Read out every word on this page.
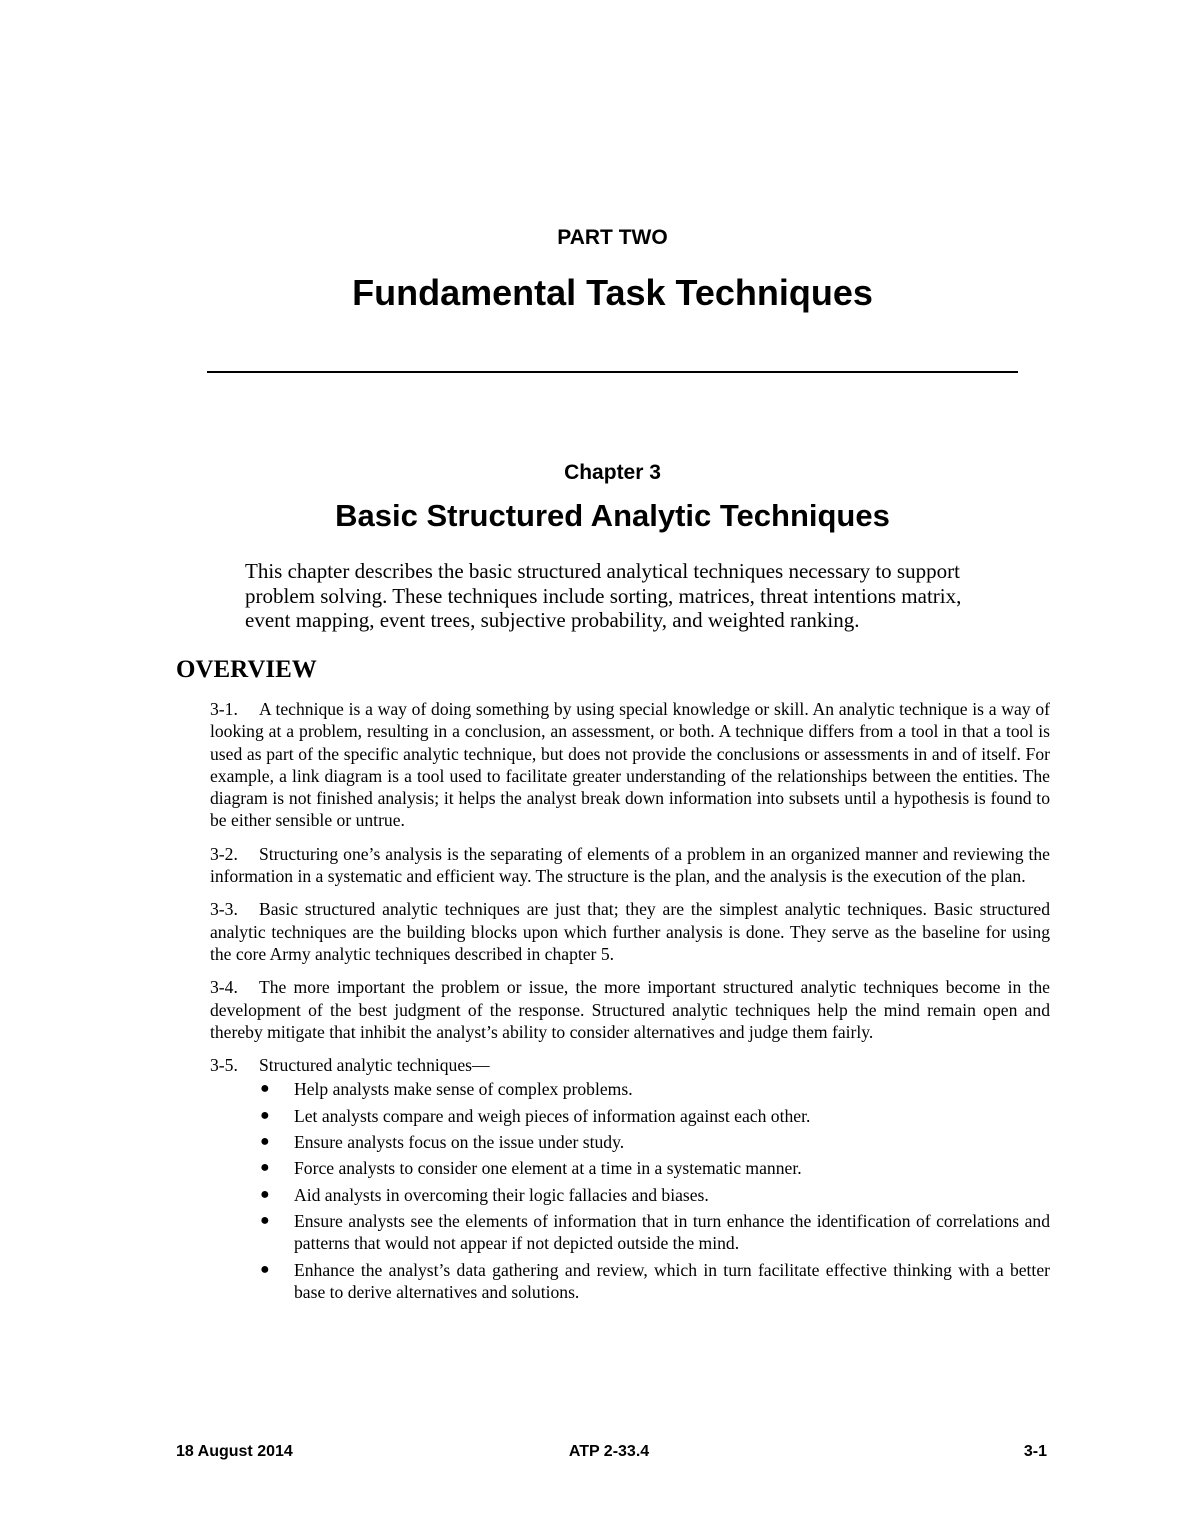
PART TWO
Fundamental Task Techniques
Chapter 3
Basic Structured Analytic Techniques
This chapter describes the basic structured analytical techniques necessary to support problem solving. These techniques include sorting, matrices, threat intentions matrix, event mapping, event trees, subjective probability, and weighted ranking.
OVERVIEW

3-1. A technique is a way of doing something by using special knowledge or skill. An analytic technique is a way of looking at a problem, resulting in a conclusion, an assessment, or both. A technique differs from a tool in that a tool is used as part of the specific analytic technique, but does not provide the conclusions or assessments in and of itself. For example, a link diagram is a tool used to facilitate greater understanding of the relationships between the entities. The diagram is not finished analysis; it helps the analyst break down information into subsets until a hypothesis is found to be either sensible or untrue.

3-2. Structuring one’s analysis is the separating of elements of a problem in an organized manner and reviewing the information in a systematic and efficient way. The structure is the plan, and the analysis is the execution of the plan.

3-3. Basic structured analytic techniques are just that; they are the simplest analytic techniques. Basic structured analytic techniques are the building blocks upon which further analysis is done. They serve as the baseline for using the core Army analytic techniques described in chapter 5.

3-4. The more important the problem or issue, the more important structured analytic techniques become in the development of the best judgment of the response. Structured analytic techniques help the mind remain open and thereby mitigate that inhibit the analyst’s ability to consider alternatives and judge them fairly.

3-5. Structured analytic techniques—

● Help analysts make sense of complex problems.
● Let analysts compare and weigh pieces of information against each other.
● Ensure analysts focus on the issue under study.
● Force analysts to consider one element at a time in a systematic manner.
● Aid analysts in overcoming their logic fallacies and biases.
● Ensure analysts see the elements of information that in turn enhance the identification of correlations and patterns that would not appear if not depicted outside the mind.
● Enhance the analyst’s data gathering and review, which in turn facilitate effective thinking with a better base to derive alternatives and solutions.
18 August 2014	ATP 2-33.4	3-1
